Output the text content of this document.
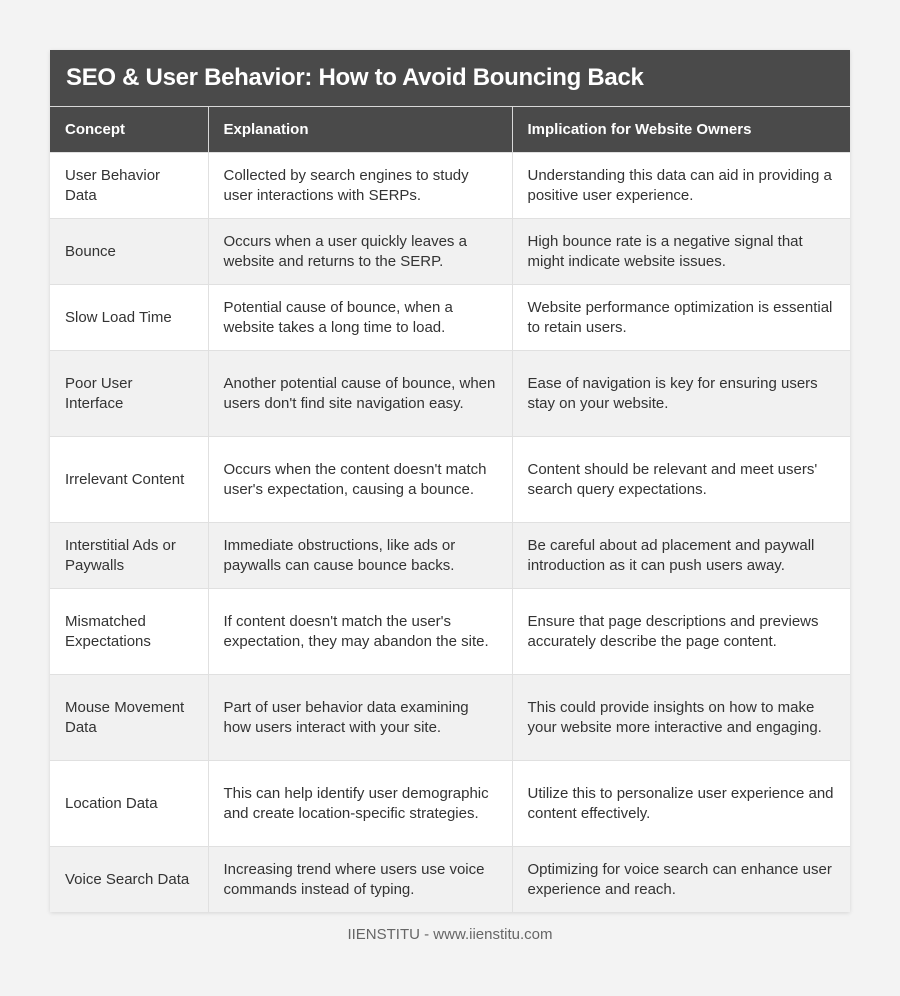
SEO & User Behavior: How to Avoid Bouncing Back
Concept	Explanation	Implication for Website Owners
User Behavior Data	Collected by search engines to study user interactions with SERPs.	Understanding this data can aid in providing a positive user experience.
Bounce	Occurs when a user quickly leaves a website and returns to the SERP.	High bounce rate is a negative signal that might indicate website issues.
Slow Load Time	Potential cause of bounce, when a website takes a long time to load.	Website performance optimization is essential to retain users.
Poor User Interface	Another potential cause of bounce, when users don't find site navigation easy.	Ease of navigation is key for ensuring users stay on your website.
Irrelevant Content	Occurs when the content doesn't match user's expectation, causing a bounce.	Content should be relevant and meet users' search query expectations.
Interstitial Ads or Paywalls	Immediate obstructions, like ads or paywalls can cause bounce backs.	Be careful about ad placement and paywall introduction as it can push users away.
Mismatched Expectations	If content doesn't match the user's expectation, they may abandon the site.	Ensure that page descriptions and previews accurately describe the page content.
Mouse Movement Data	Part of user behavior data examining how users interact with your site.	This could provide insights on how to make your website more interactive and engaging.
Location Data	This can help identify user demographic and create location-specific strategies.	Utilize this to personalize user experience and content effectively.
Voice Search Data	Increasing trend where users use voice commands instead of typing.	Optimizing for voice search can enhance user experience and reach.
IIENSTITU - www.iienstitu.com
